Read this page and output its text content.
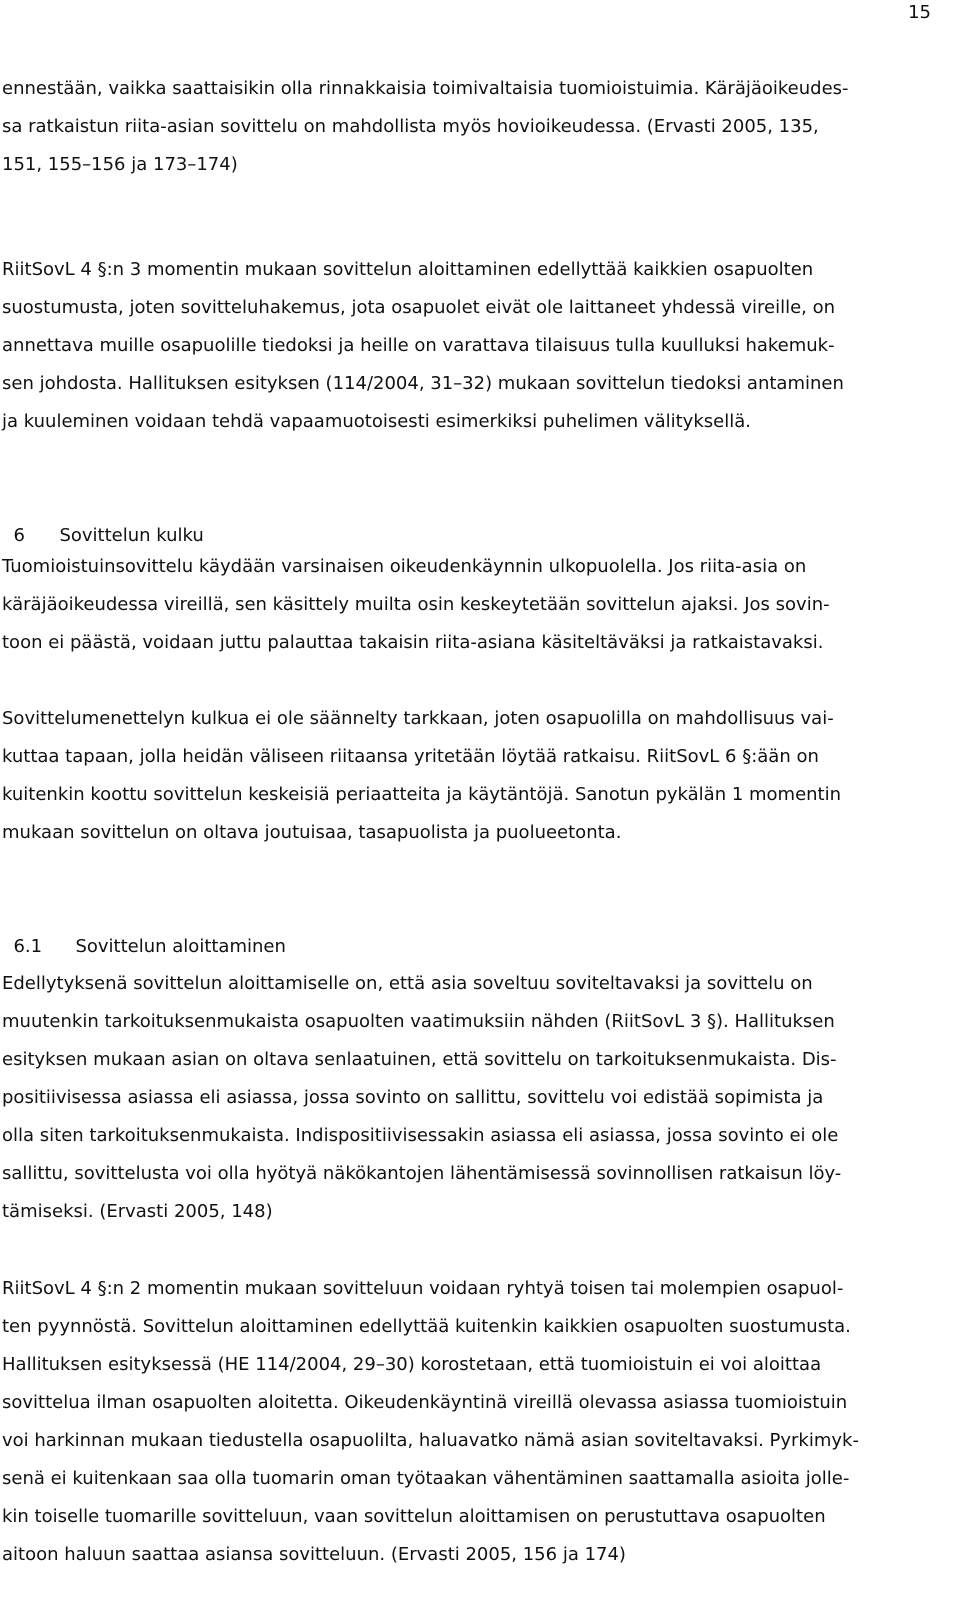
15

ennestään, vaikka saattaisikin olla rinnakkaisia toimivaltaisia tuomioistuimia. Käräjäoikeudes-
sa ratkaistun riita-asian sovittelu on mahdollista myös hovioikeudessa. (Ervasti 2005, 135,
151, 155–156 ja 173–174)

RiitSovL 4 §:n 3 momentin mukaan sovittelun aloittaminen edellyttää kaikkien osapuolten
suostumusta, joten sovitteluhakemus, jota osapuolet eivät ole laittaneet yhdessä vireille, on
annettava muille osapuolille tiedoksi ja heille on varattava tilaisuus tulla kuulluksi hakemuk-
sen johdosta. Hallituksen esityksen (114/2004, 31–32) mukaan sovittelun tiedoksi antaminen
ja kuuleminen voidaan tehdä vapaamuotoisesti esimerkiksi puhelimen välityksellä.

6 Sovittelun kulku

Tuomioistuinsovittelu käydään varsinaisen oikeudenkäynnin ulkopuolella. Jos riita-asia on
käräjäoikeudessa vireillä, sen käsittely muilta osin keskeytetään sovittelun ajaksi. Jos sovin-
toon ei päästä, voidaan juttu palauttaa takaisin riita-asiana käsiteltäväksi ja ratkaistavaksi.

Sovittelumenettelyn kulkua ei ole säännelty tarkkaan, joten osapuolilla on mahdollisuus vai-
kuttaa tapaan, jolla heidän väliseen riitaansa yritetään löytää ratkaisu. RiitSovL 6 §:ään on
kuitenkin koottu sovittelun keskeisiä periaatteita ja käytäntöjä. Sanotun pykälän 1 momentin
mukaan sovittelun on oltava joutuisaa, tasapuolista ja puolueetonta.

6.1 Sovittelun aloittaminen

Edellytyksenä sovittelun aloittamiselle on, että asia soveltuu soviteltavaksi ja sovittelu on
muutenkin tarkoituksenmukaista osapuolten vaatimuksiin nähden (RiitSovL 3 §). Hallituksen
esityksen mukaan asian on oltava senlaatuinen, että sovittelu on tarkoituksenmukaista. Dis-
positiivisessa asiassa eli asiassa, jossa sovinto on sallittu, sovittelu voi edistää sopimista ja
olla siten tarkoituksenmukaista. Indispositiivisessakin asiassa eli asiassa, jossa sovinto ei ole
sallittu, sovittelusta voi olla hyötyä näkökantojen lähentämisessä sovinnollisen ratkaisun löy-
tämiseksi. (Ervasti 2005, 148)

RiitSovL 4 §:n 2 momentin mukaan sovitteluun voidaan ryhtyä toisen tai molempien osapuol-
ten pyynnöstä. Sovittelun aloittaminen edellyttää kuitenkin kaikkien osapuolten suostumusta.
Hallituksen esityksessä (HE 114/2004, 29–30) korostetaan, että tuomioistuin ei voi aloittaa
sovittelua ilman osapuolten aloitetta. Oikeudenkäyntinä vireillä olevassa asiassa tuomioistuin
voi harkinnan mukaan tiedustella osapuolilta, haluavatko nämä asian soviteltavaksi. Pyrkimyk-
senä ei kuitenkaan saa olla tuomarin oman työtaakan vähentäminen saattamalla asioita jolle-
kin toiselle tuomarille sovitteluun, vaan sovittelun aloittamisen on perustuttava osapuolten
aitoon haluun saattaa asiansa sovitteluun. (Ervasti 2005, 156 ja 174)
